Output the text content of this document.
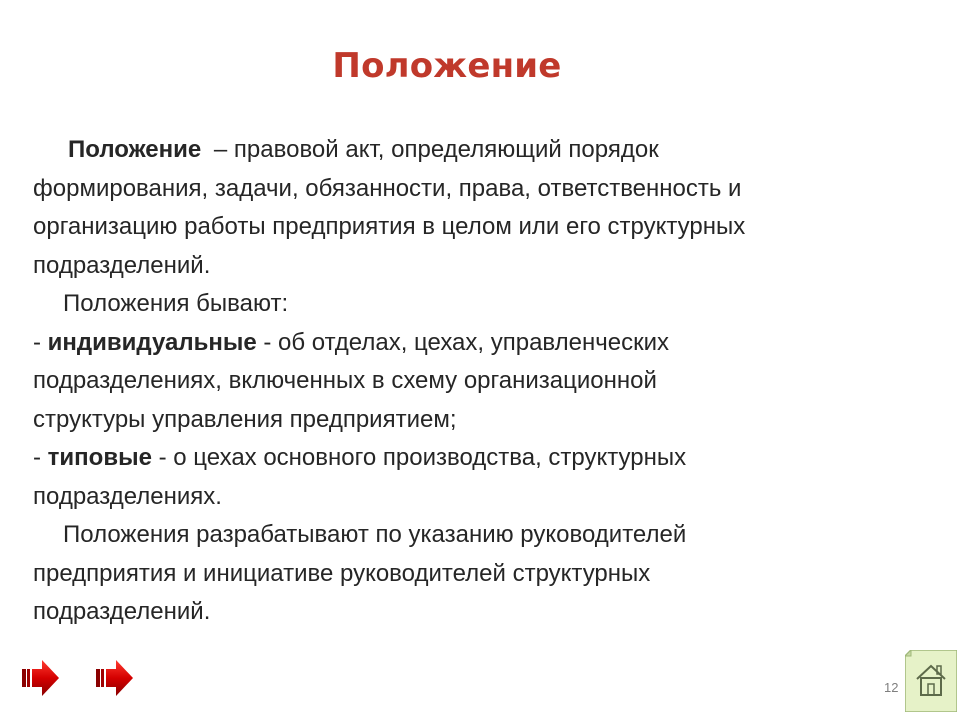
Положение
Положение – правовой акт, определяющий порядок
формирования, задачи, обязанности, права, ответственность и
организацию работы предприятия в целом или его структурных
подразделений.
Положения бывают:
- индивидуальные - об отделах, цехах, управленческих
подразделениях, включенных в схему организационной
структуры управления предприятием;
- типовые - о цехах основного производства, структурных
подразделениях.
Положения разрабатывают по указанию руководителей
предприятия и инициативе руководителей структурных
подразделений.
12
